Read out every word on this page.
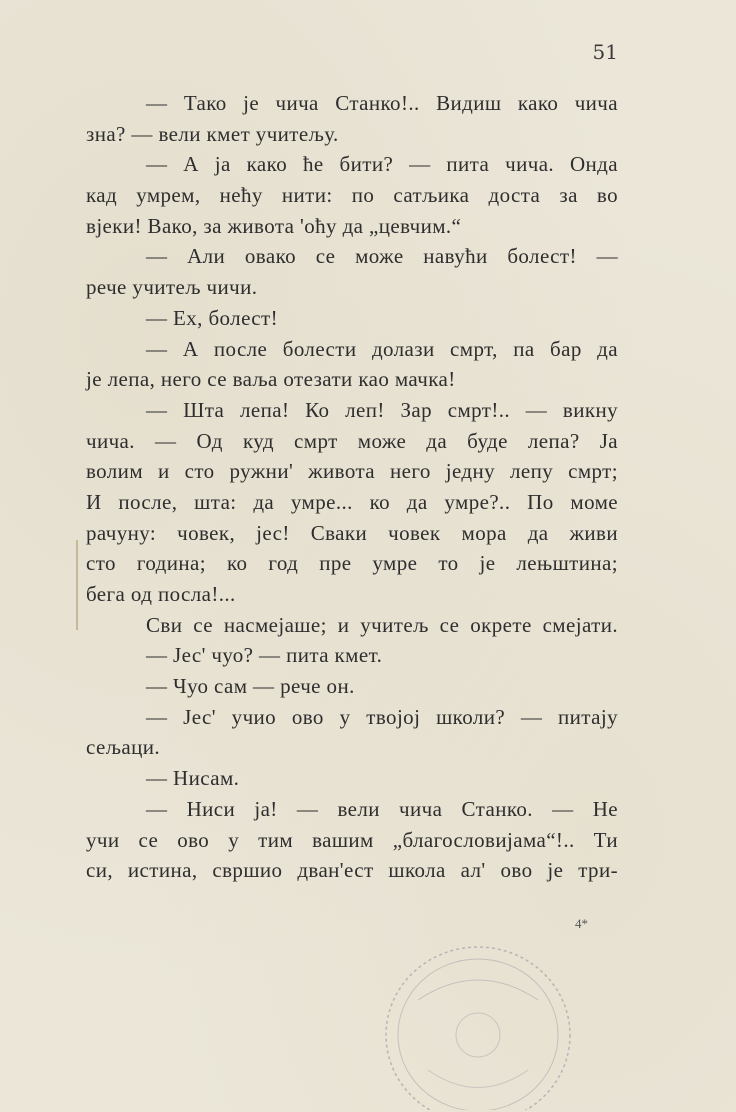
51
— Тако је чича Станко!.. Видиш како чича
зна? — вели кмет учитељу.
— А ја како ће бити? — пита чича. Онда
кад умрем, нећу нити: по сатљика доста за во
вјеки! Вако, за живота 'оћу да „цевчим.“
— Али овако се може навући болест! —
рече учитељ чичи.
— Ех, болест!
— А после болести долази смрт, па бар да
је лепа, него се ваља отезати као мачка!
— Шта лепа! Ко леп! Зар смрт!.. — викну
чича. — Од куд смрт може да буде лепа? Ја
волим и сто ружни' живота него једну лепу смрт;
И после, шта: да умре... ко да умре?.. По моме
рачуну: човек, јес! Сваки човек мора да живи
сто година; ко год пре умре то је лењштина;
бега од посла!...
Сви се насмејаше; и учитељ се окрете смејати.
— Јес' чуо? — пита кмет.
— Чуо сам — рече он.
— Јес' учио ово у твојој школи? — питају
сељаци.
— Нисам.
— Ниси ја! — вели чича Станко. — Не
учи се ово у тим вашим „благословијама“!.. Ти
си, истина, свршио дван'ест школа ал' ово је три-
4*
